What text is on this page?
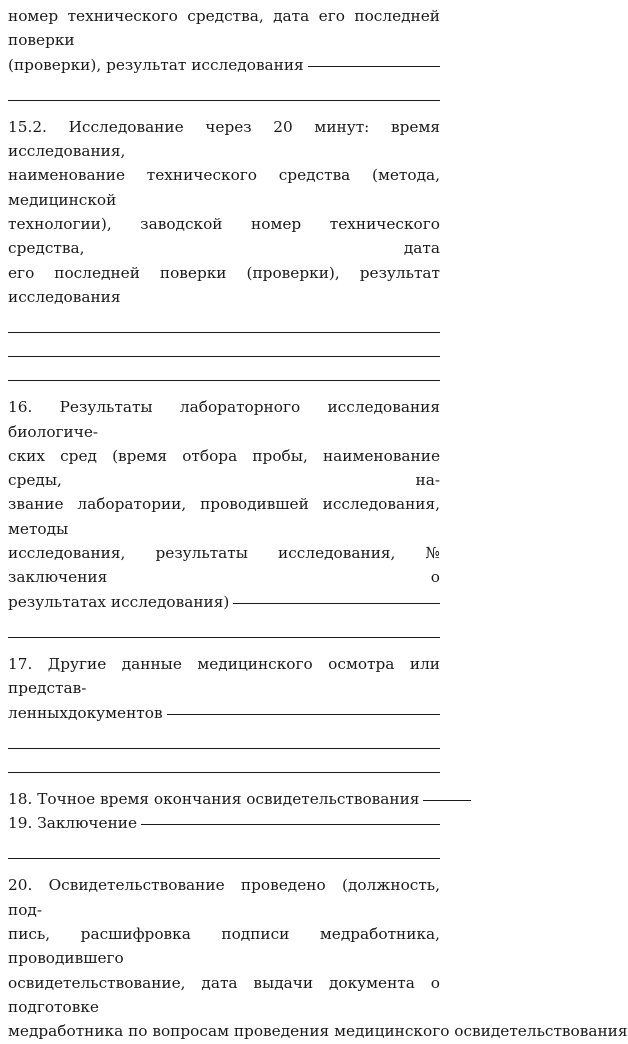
номер технического средства, дата его последней поверки
(проверки), результат исследования
15.2. Исследование через 20 минут: время исследования,
наименование технического средства (метода, медицинской
технологии), заводской номер технического средства, дата
его последней поверки (проверки), результат исследования
16. Результаты лабораторного исследования биологиче-
ских сред (время отбора пробы, наименование среды, на-
звание лаборатории, проводившей исследования, методы
исследования, результаты исследования, № заключения о
результатах исследования)
17. Другие данные медицинского осмотра или представ-
ленныхдокументов
18. Точное время окончания освидетельствования
19. Заключение
20. Освидетельствование проведено (должность, под-
пись, расшифровка подписи медработника, проводившего
освидетельствование, дата выдачи документа о подготовке
медработника по вопросам проведения медицинского освидетельствования
